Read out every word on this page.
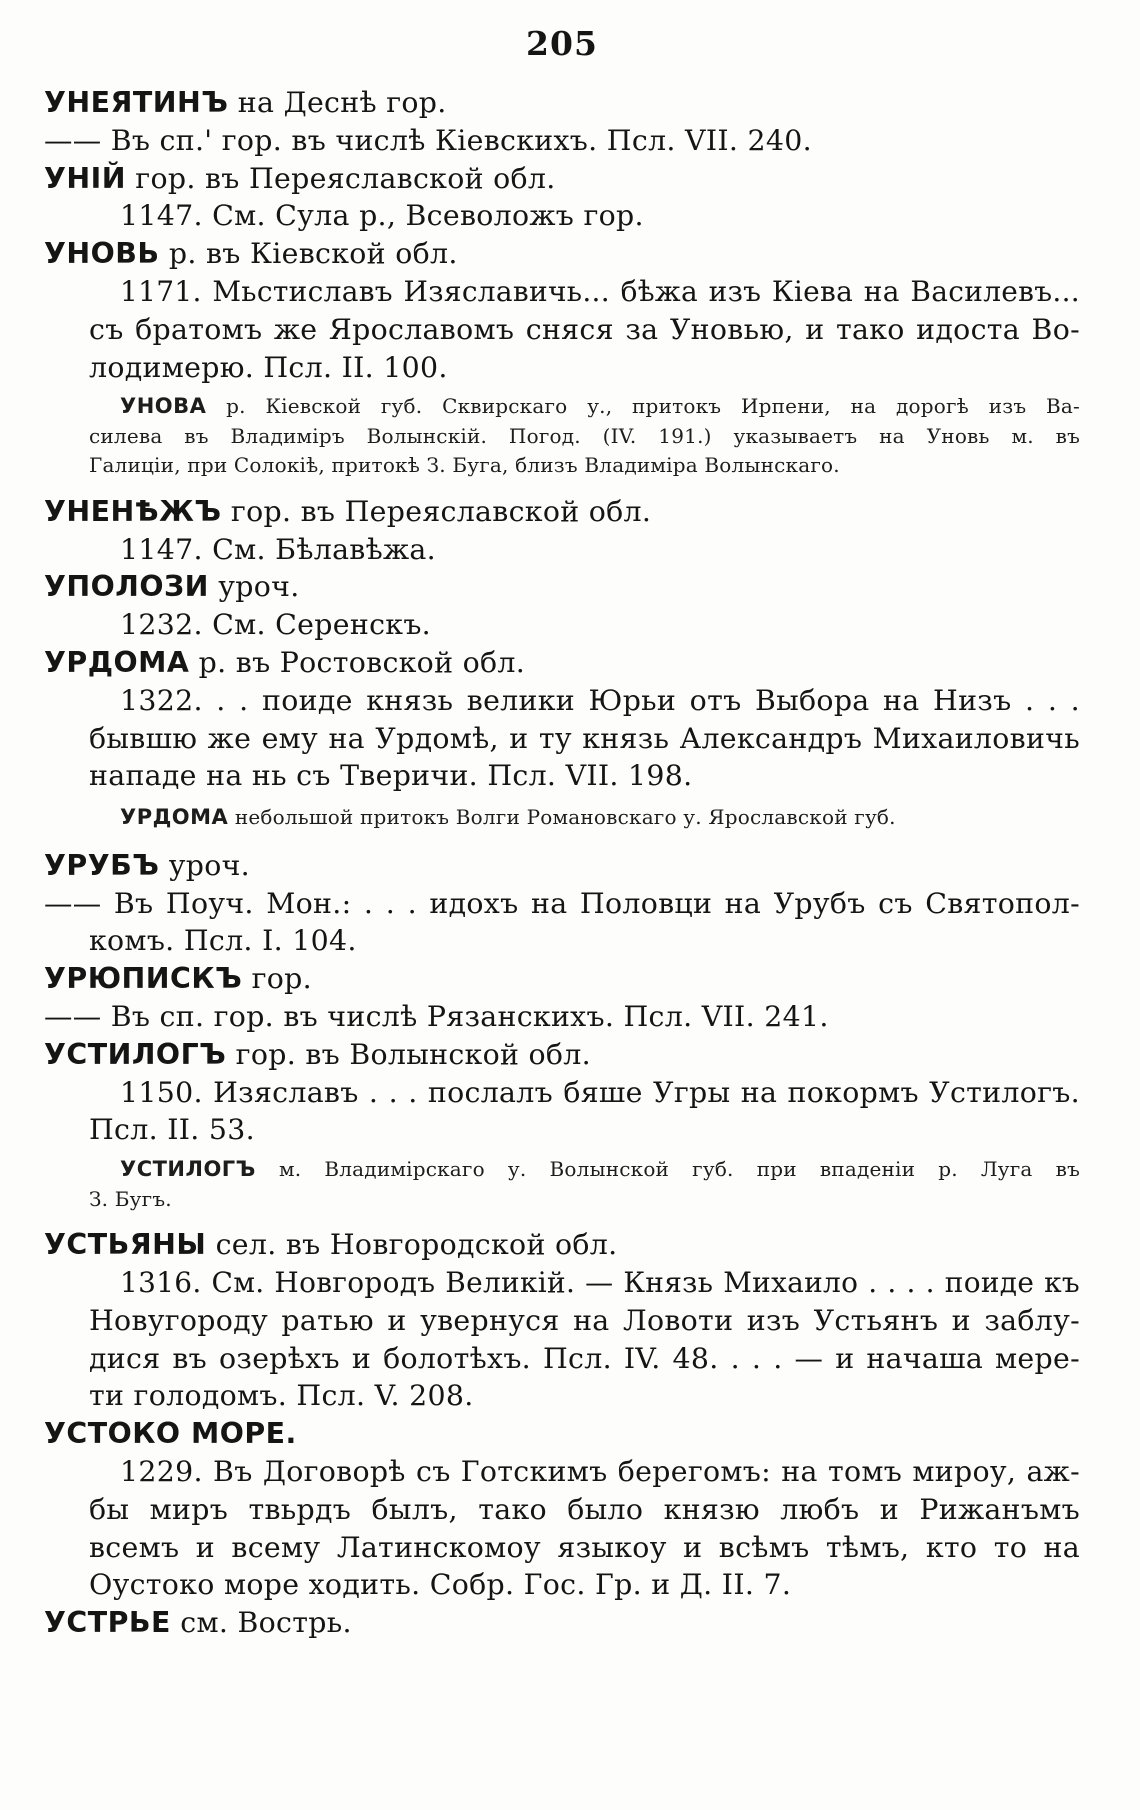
205
УНЕЯТИНЪ на Деснѣ гор.
—— Въ сп.' гор. въ числѣ Кіевскихъ. Псл. VII. 240.
УНІЙ гор. въ Переяславской обл.
1147. См. Сула р., Всеволожъ гор.
УНОВЬ р. въ Кіевской обл.
1171. Мьстиславъ Изяславичь... бѣжа изъ Кіева на Василевъ...
съ братомъ же Ярославомъ сняся за Уновью, и тако идоста Во-
лодимерю. Псл. II. 100.
УНОВА р. Кіевской губ. Сквирскаго у., притокъ Ирпени, на дорогѣ изъ Ва-
силева въ Владиміръ Волынскій. Погод. (IV. 191.) указываетъ на Уновь м. въ
Галиціи, при Солокіѣ, притокѣ З. Буга, близъ Владиміра Волынскаго.
УНЕНѢЖЪ гор. въ Переяславской обл.
1147. См. Бѣлавѣжа.
УПОЛОЗИ уроч.
1232. См. Серенскъ.
УРДОМА р. въ Ростовской обл.
1322. . . поиде князь велики Юрьи отъ Выбора на Низъ . . .
бывшю же ему на Урдомѣ, и ту князь Александръ Михаиловичь
нападе на нь съ Тверичи. Псл. VII. 198.
УРДОМА небольшой притокъ Волги Романовскаго у. Ярославской губ.
УРУБЪ уроч.
—— Въ Поуч. Мон.: . . . идохъ на Половци на Урубъ съ Святопол-
комъ. Псл. I. 104.
УРЮПИСКЪ гор.
—— Въ сп. гор. въ числѣ Рязанскихъ. Псл. VII. 241.
УСТИЛОГЪ гор. въ Волынской обл.
1150. Изяславъ . . . послалъ бяше Угры на покормъ Устилогъ.
Псл. II. 53.
УСТИЛОГЪ м. Владимірскаго у. Волынской губ. при впаденіи р. Луга въ
З. Бугъ.
УСТЬЯНЫ сел. въ Новгородской обл.
1316. См. Новгородъ Великій. — Князь Михаило . . . . поиде къ
Новугороду ратью и увернуся на Ловоти изъ Устьянъ и заблу-
дися въ озерѣхъ и болотѣхъ. Псл. IV. 48. . . . — и начаша мере-
ти голодомъ. Псл. V. 208.
УСТОКО МОРЕ.
1229. Въ Договорѣ съ Готскимъ берегомъ: на томъ мироу, аж-
бы миръ твьрдъ былъ, тако было князю любъ и Рижанъмъ
всемъ и всему Латинскомоу языкоу и всѣмъ тѣмъ, кто то на
Оустоко море ходить. Собр. Гос. Гр. и Д. II. 7.
УСТРЬЕ см. Вострь.
